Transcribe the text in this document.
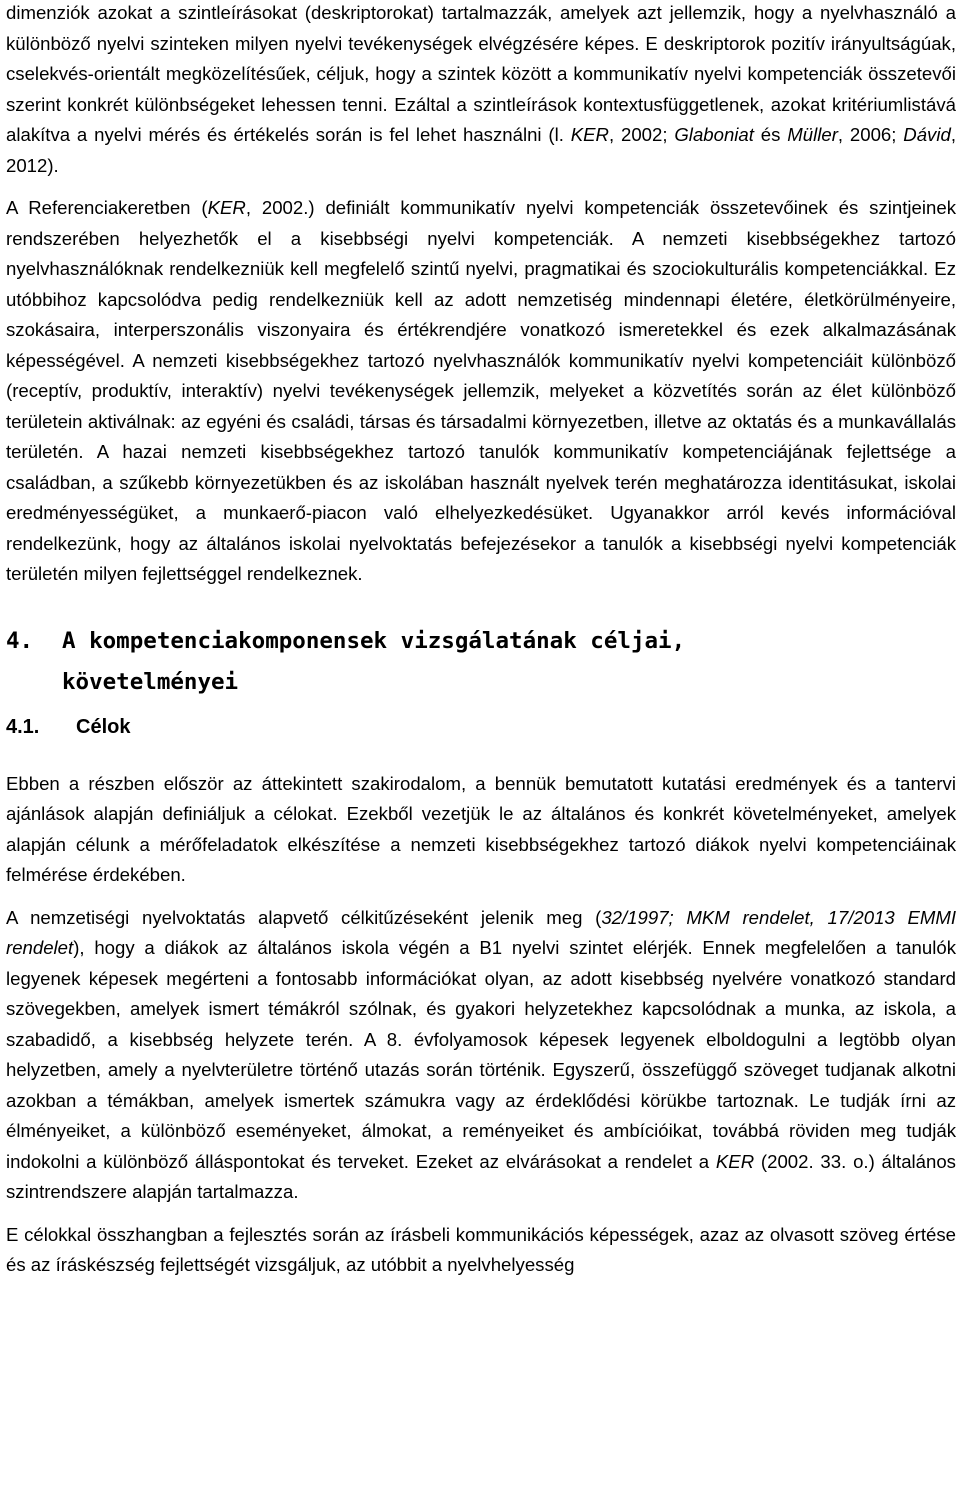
dimenziók azokat a szintleírásokat (deskriptorokat) tartalmazzák, amelyek azt jellemzik, hogy a nyelvhasználó a különböző nyelvi szinteken milyen nyelvi tevékenységek elvégzésére képes. E deskriptorok pozitív irányultságúak, cselekvés-orientált megközelítésűek, céljuk, hogy a szintek között a kommunikatív nyelvi kompetenciák összetevői szerint konkrét különbségeket lehessen tenni. Ezáltal a szintleírások kontextusfüggetlenek, azokat kritériumlistává alakítva a nyelvi mérés és értékelés során is fel lehet használni (l. KER, 2002; Glaboniat és Müller, 2006; Dávid, 2012).

A Referenciakeretben (KER, 2002.) definiált kommunikatív nyelvi kompetenciák összetevőinek és szintjeinek rendszerében helyezhetők el a kisebbségi nyelvi kompetenciák. A nemzeti kisebbségekhez tartozó nyelvhasználóknak rendelkezniük kell megfelelő szintű nyelvi, pragmatikai és szociokulturális kompetenciákkal. Ez utóbbihoz kapcsolódva pedig rendelkezniük kell az adott nemzetiség mindennapi életére, életkörülményeire, szokásaira, interperszonális viszonyaira és értékrendjére vonatkozó ismeretekkel és ezek alkalmazásának képességével. A nemzeti kisebbségekhez tartozó nyelvhasználók kommunikatív nyelvi kompetenciáit különböző (receptív, produktív, interaktív) nyelvi tevékenységek jellemzik, melyeket a közvetítés során az élet különböző területein aktiválnak: az egyéni és családi, társas és társadalmi környezetben, illetve az oktatás és a munkavállalás területén. A hazai nemzeti kisebbségekhez tartozó tanulók kommunikatív kompetenciájának fejlettsége a családban, a szűkebb környezetükben és az iskolában használt nyelvek terén meghatározza identitásukat, iskolai eredményességüket, a munkaerő-piacon való elhelyezkedésüket. Ugyanakkor arról kevés információval rendelkezünk, hogy az általános iskolai nyelvoktatás befejezésekor a tanulók a kisebbségi nyelvi kompetenciák területén milyen fejlettséggel rendelkeznek.

4.	A kompetenciakomponensek vizsgálatának céljai, követelményei
4.1.	Célok

Ebben a részben először az áttekintett szakirodalom, a bennük bemutatott kutatási eredmények és a tantervi ajánlások alapján definiáljuk a célokat. Ezekből vezetjük le az általános és konkrét követelményeket, amelyek alapján célunk a mérőfeladatok elkészítése a nemzeti kisebbségekhez tartozó diákok nyelvi kompetenciáinak felmérése érdekében.

A nemzetiségi nyelvoktatás alapvető célkitűzéseként jelenik meg (32/1997; MKM rendelet, 17/2013 EMMI rendelet), hogy a diákok az általános iskola végén a B1 nyelvi szintet elérjék. Ennek megfelelően a tanulók legyenek képesek megérteni a fontosabb információkat olyan, az adott kisebbség nyelvére vonatkozó standard szövegekben, amelyek ismert témákról szólnak, és gyakori helyzetekhez kapcsolódnak a munka, az iskola, a szabadidő, a kisebbség helyzete terén. A 8. évfolyamosok képesek legyenek elboldogulni a legtöbb olyan helyzetben, amely a nyelvterületre történő utazás során történik. Egyszerű, összefüggő szöveget tudjanak alkotni azokban a témákban, amelyek ismertek számukra vagy az érdeklődési körükbe tartoznak. Le tudják írni az élményeiket, a különböző eseményeket, álmokat, a reményeiket és ambícióikat, továbbá röviden meg tudják indokolni a különböző álláspontokat és terveket. Ezeket az elvárásokat a rendelet a KER (2002. 33. o.) általános szintrendszere alapján tartalmazza.

E célokkal összhangban a fejlesztés során az írásbeli kommunikációs képességek, azaz az olvasott szöveg értése és az íráskészség fejlettségét vizsgáljuk, az utóbbit a nyelvhelyesség
